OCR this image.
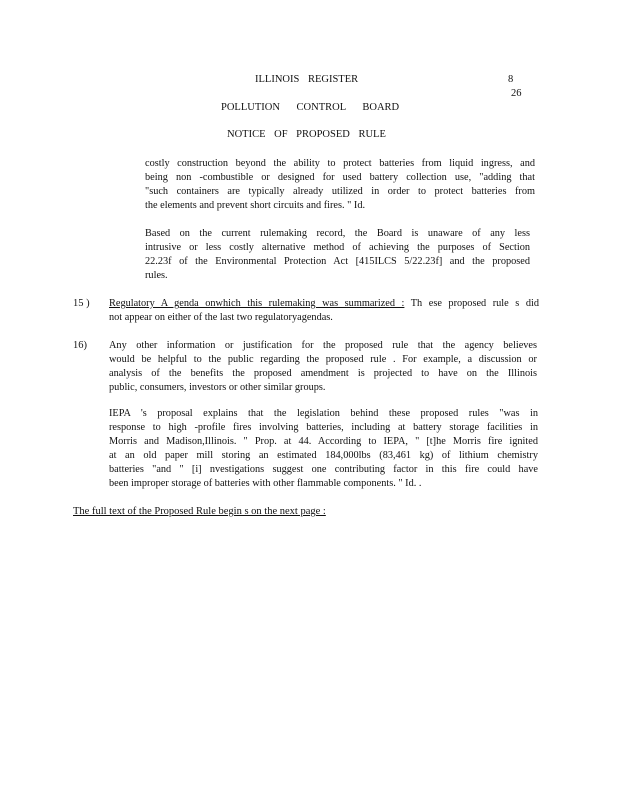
ILLINOIS REGISTER	8
26
POLLUTION CONTROL BOARD
NOTICE OF PROPOSED RULE
costly construction beyond the ability to protect batteries from liquid ingress, and
being non -combustible or designed for used battery collection use, "adding that
"such containers are typically already utilized in order to protect batteries from
the elements and prevent short circuits and fires. " Id.
Based on the current rulemaking record, the Board is unaware of any less
intrusive or less costly alternative method of achieving the purposes of Section
22.23f of the Environmental Protection Act [415ILCS 5/22.23f] and the proposed
rules.
15 ) Regulatory A genda onwhich this rulemaking was summarized : Th ese proposed rule s did
not appear on either of the last two regulatoryagendas.
16) Any other information or justification for the proposed rule that the agency believes
would be helpful to the public regarding the proposed rule . For example, a discussion or
analysis of the benefits the proposed amendment is projected to have on the Illinois
public, consumers, investors or other similar groups.
IEPA 's proposal explains that the legislation behind these proposed rules "was in
response to high -profile fires involving batteries, including at battery storage facilities in
Morris and Madison,Illinois. " Prop. at 44. According to IEPA, " [t]he Morris fire ignited
at an old paper mill storing an estimated 184,000lbs (83,461 kg) of lithium chemistry
batteries "and " [i] nvestigations suggest one contributing factor in this fire could have
been improper storage of batteries with other flammable components. " Id. .
The full text of the Proposed Rule begin s on the next page :
